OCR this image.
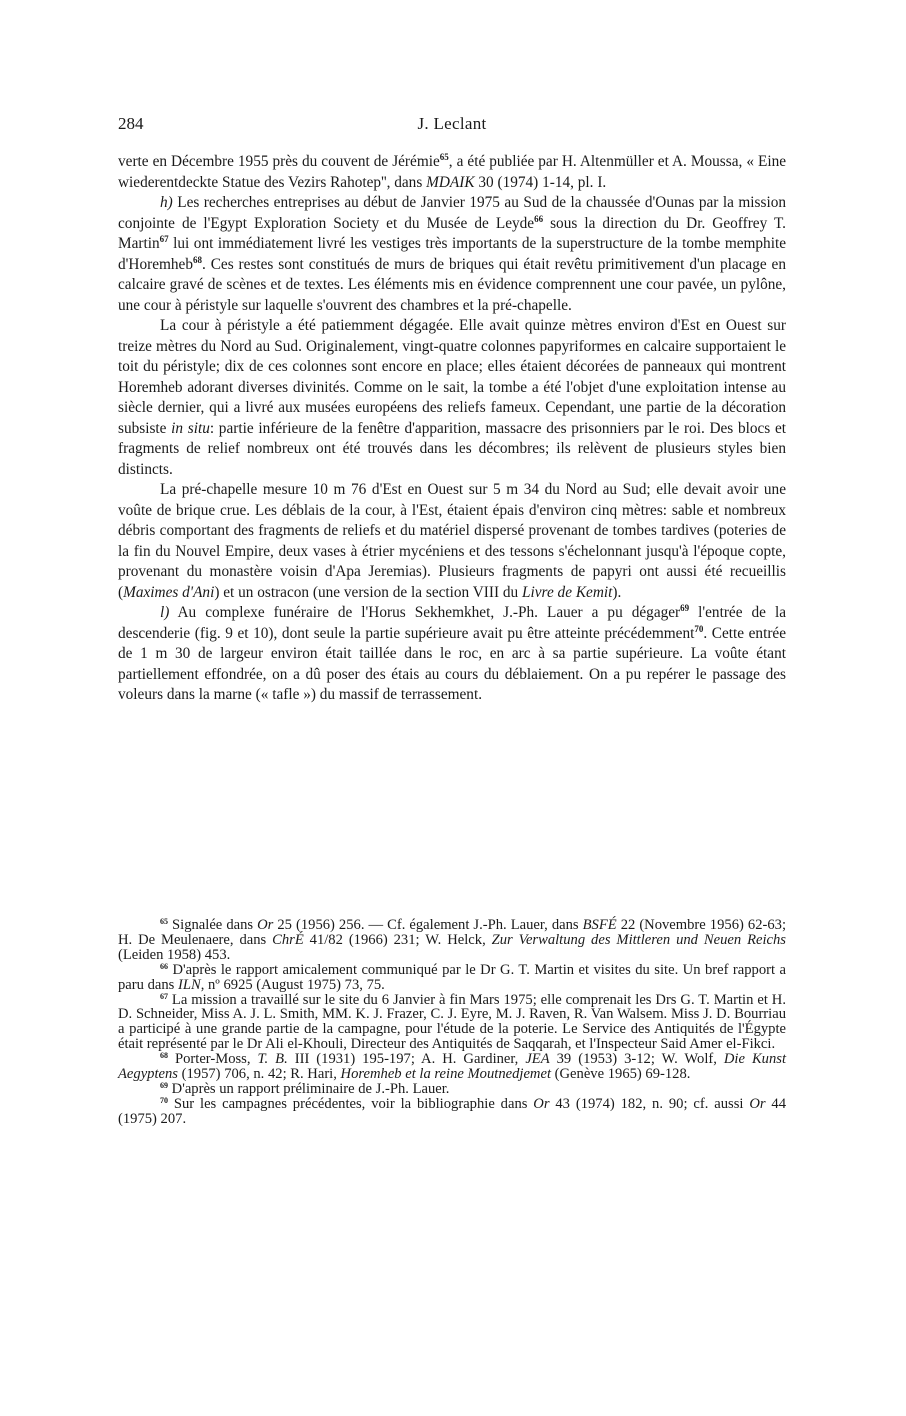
284	J. Leclant

verte en Décembre 1955 près du couvent de Jérémie$^{65}$, a été publiée par H. Altenmüller et A. Moussa, « Eine wiederentdeckte Statue des Vezirs Rahotep'', dans MDAIK 30 (1974) 1-14, pl. I.

h) Les recherches entreprises au début de Janvier 1975 au Sud de la chaussée d'Ounas par la mission conjointe de l'Egypt Exploration Society et du Musée de Leyde$^{66}$ sous la direction du Dr. Geoffrey T. Martin$^{67}$ lui ont immédiatement livré les vestiges très importants de la superstructure de la tombe memphite d'Horemheb$^{68}$. Ces restes sont constitués de murs de briques qui était revêtu primitivement d'un placage en calcaire gravé de scènes et de textes. Les éléments mis en évidence comprennent une cour pavée, un pylône, une cour à péristyle sur laquelle s'ouvrent des chambres et la pré-chapelle.

La cour à péristyle a été patiemment dégagée. Elle avait quinze mètres environ d'Est en Ouest sur treize mètres du Nord au Sud. Originalement, vingt-quatre colonnes papyriformes en calcaire supportaient le toit du péristyle; dix de ces colonnes sont encore en place; elles étaient décorées de panneaux qui montrent Horemheb adorant diverses divinités. Comme on le sait, la tombe a été l'objet d'une exploitation intense au siècle dernier, qui a livré aux musées européens des reliefs fameux. Cependant, une partie de la décoration subsiste in situ: partie inférieure de la fenêtre d'apparition, massacre des prisonniers par le roi. Des blocs et fragments de relief nombreux ont été trouvés dans les décombres; ils relèvent de plusieurs styles bien distincts.

La pré-chapelle mesure 10 m 76 d'Est en Ouest sur 5 m 34 du Nord au Sud; elle devait avoir une voûte de brique crue. Les déblais de la cour, à l'Est, étaient épais d'environ cinq mètres: sable et nombreux débris comportant des fragments de reliefs et du matériel dispersé provenant de tombes tardives (poteries de la fin du Nouvel Empire, deux vases à étrier mycéniens et des tessons s'échelonnant jusqu'à l'époque copte, provenant du monastère voisin d'Apa Jeremias). Plusieurs fragments de papyri ont aussi été recueillis (Maximes d'Ani) et un ostracon (une version de la section VIII du Livre de Kemit).

l) Au complexe funéraire de l'Horus Sekhemkhet, J.-Ph. Lauer a pu dégager$^{69}$ l'entrée de la descenderie (fig. 9 et 10), dont seule la partie supérieure avait pu être atteinte précédemment$^{70}$. Cette entrée de 1 m 30 de largeur environ était taillée dans le roc, en arc à sa partie supérieure. La voûte étant partiellement effondrée, on a dû poser des étais au cours du déblaiement. On a pu repérer le passage des voleurs dans la marne (« tafle ») du massif de terrassement.

$^{65}$ Signalée dans Or 25 (1956) 256. — Cf. également J.-Ph. Lauer, dans BSFÉ 22 (Novembre 1956) 62-63; H. De Meulenaere, dans ChrÉ 41/82 (1966) 231; W. Helck, Zur Verwaltung des Mittleren und Neuen Reichs (Leiden 1958) 453.

$^{66}$ D'après le rapport amicalement communiqué par le Dr G. T. Martin et visites du site. Un bref rapport a paru dans ILN, nº 6925 (August 1975) 73, 75.

$^{67}$ La mission a travaillé sur le site du 6 Janvier à fin Mars 1975; elle comprenait les Drs G. T. Martin et H. D. Schneider, Miss A. J. L. Smith, MM. K. J. Frazer, C. J. Eyre, M. J. Raven, R. Van Walsem. Miss J. D. Bourriau a participé à une grande partie de la campagne, pour l'étude de la poterie. Le Service des Antiquités de l'Égypte était représenté par le Dr Ali el-Khouli, Directeur des Antiquités de Saqqarah, et l'Inspecteur Said Amer el-Fikci.

$^{68}$ Porter-Moss, T. B. III (1931) 195-197; A. H. Gardiner, JEA 39 (1953) 3-12; W. Wolf, Die Kunst Aegyptens (1957) 706, n. 42; R. Hari, Horemheb et la reine Moutnedjemet (Genève 1965) 69-128.

$^{69}$ D'après un rapport préliminaire de J.-Ph. Lauer.

$^{70}$ Sur les campagnes précédentes, voir la bibliographie dans Or 43 (1974) 182, n. 90; cf. aussi Or 44 (1975) 207.
